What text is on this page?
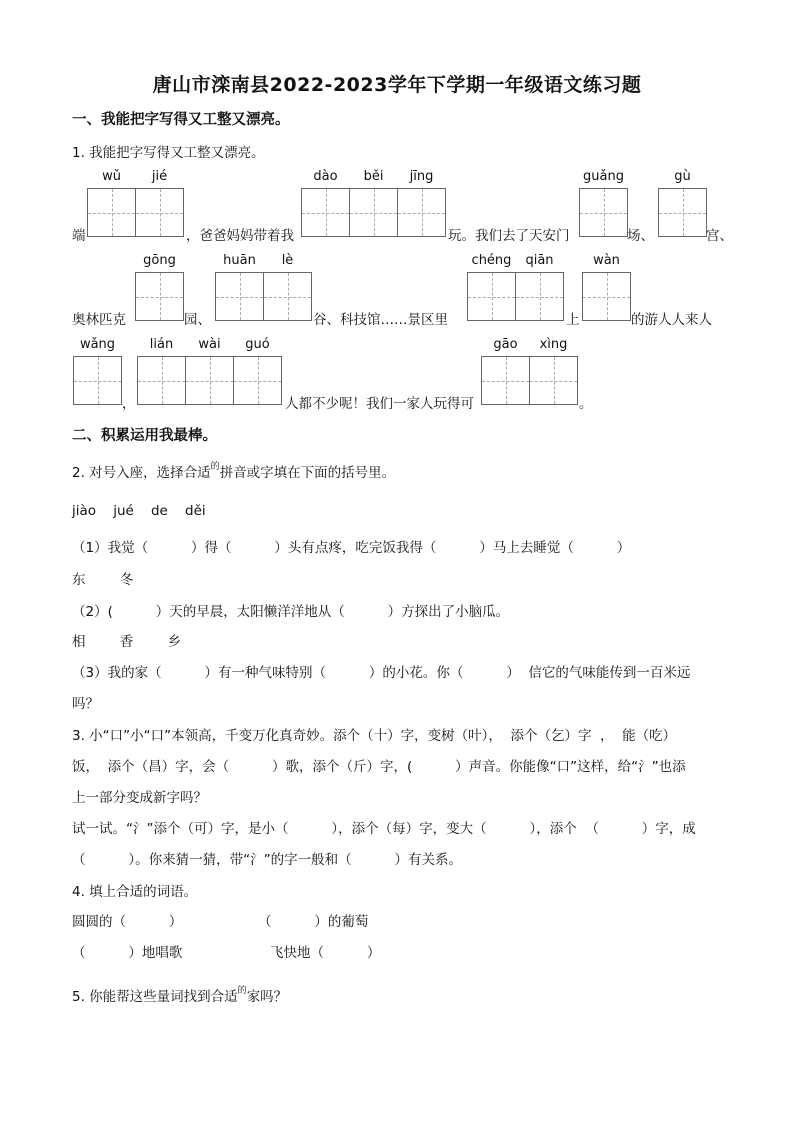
唐山市滦南县2022-2023学年下学期一年级语文练习题
一、我能把字写得又工整又漂亮。
1. 我能把字写得又工整又漂亮。
端
wǔ	jié
，爸爸妈妈带着我
dào	běi	jīng
玩。我们去了天安门
guǎng
场、
gù
宫、
奥林匹克
gōng
园、
huān	lè
谷、科技馆……景区里
chéng	qiān
上
wàn
的游人人来人
wǎng
，
lián	wài	guó
人都不少呢！我们一家人玩得可
gāo	xìng
。
二、积累运用我最棒。
2. 对号入座，选择合适$^的$拼音或字填在下面的括号里。
jiào    jué    de    děi
（1）我觉（          ）得（          ）头有点疼，吃完饭我得（          ）马上去睡觉（          ）
东        冬
（2）(          ）天的早晨，太阳懒洋洋地从（          ）方探出了小脑瓜。
相        香        乡
（3）我的家（          ）有一种气味特别（          ）的小花。你（          ）  信它的气味能传到一百米远
吗？
3. 小“口”小“口”本领高，千变万化真奇妙。添个（十）字，变树（叶），  添个（乞）字  ，  能（吃）
饭，  添个（昌）字，会（          ）歌，添个（斤）字，(          ）声音。你能像“口”这样，给“氵”也添
上一部分变成新字吗？
试一试。“氵”添个（可）字，是小（          ），添个（每）字，变大（          ），添个  （          ）字，成
（          ）。你来猜一猜，带“氵”的字一般和（          ）有关系。
4. 填上合适的词语。
圆圆的（          ）	（          ）的葡萄
（          ）地唱歌	飞快地（          ）
5. 你能帮这些量词找到合适$^的$家吗？
